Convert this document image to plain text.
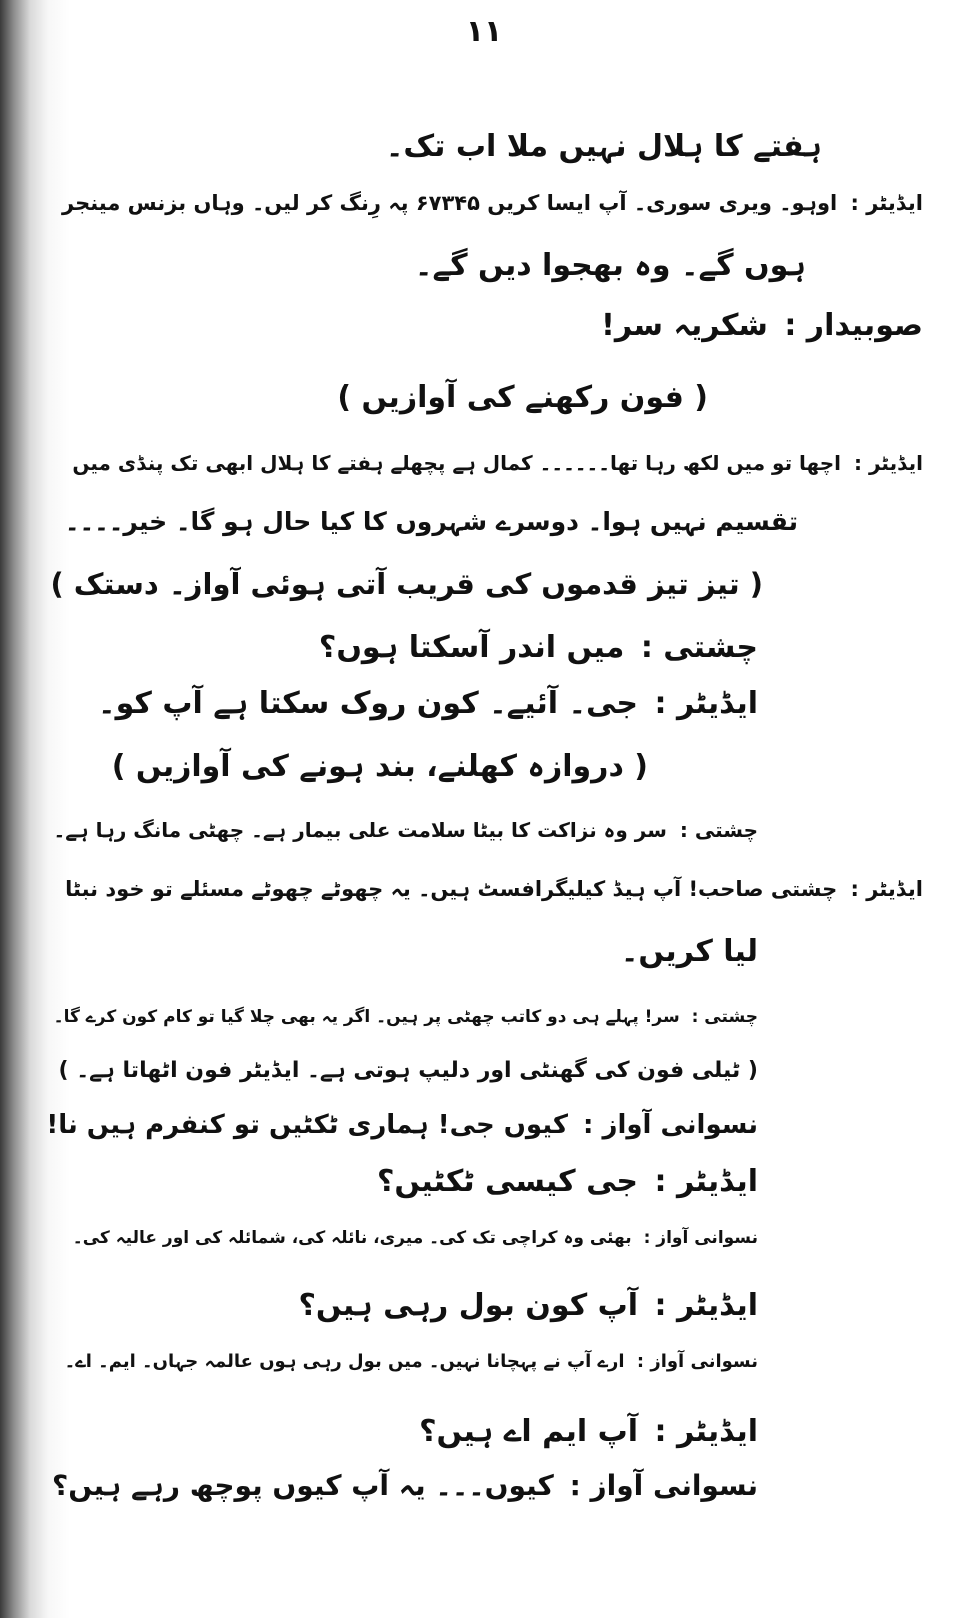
۱۱
ہفتے کا ہلال نہیں ملا اب تک۔
ایڈیٹر : اوہو۔ ویری سوری۔ آپ ایسا کریں ۶۷۳۴۵ پہ رِنگ کر لیں۔ وہاں بزنس مینجر
ہوں گے۔ وہ بھجوا دیں گے۔
صوبیدار : شکریہ سر!
( فون رکھنے کی آوازیں )
ایڈیٹر : اچھا تو میں لکھ رہا تھا۔۔۔۔۔۔ کمال ہے پچھلے ہفتے کا ہلال ابھی تک پنڈی میں
تقسیم نہیں ہوا۔ دوسرے شہروں کا کیا حال ہو گا۔ خیر۔۔۔۔
( تیز تیز قدموں کی قریب آتی ہوئی آواز۔ دستک )
چشتی : میں اندر آسکتا ہوں؟
ایڈیٹر : جی۔ آئیے۔ کون روک سکتا ہے آپ کو۔
( دروازہ کھلنے، بند ہونے کی آوازیں )
چشتی : سر وہ نزاکت کا بیٹا سلامت علی بیمار ہے۔ چھٹی مانگ رہا ہے۔
ایڈیٹر : چشتی صاحب! آپ ہیڈ کیلیگرافسٹ ہیں۔ یہ چھوٹے چھوٹے مسئلے تو خود نبٹا
لیا کریں۔
چشتی : سر! پہلے ہی دو کاتب چھٹی پر ہیں۔ اگر یہ بھی چلا گیا تو کام کون کرے گا۔
( ٹیلی فون کی گھنٹی اور دلیپ ہوتی ہے۔ ایڈیٹر فون اٹھاتا ہے۔ )
نسوانی آواز : کیوں جی! ہماری ٹکٹیں تو کنفرم ہیں نا!
ایڈیٹر : جی کیسی ٹکٹیں؟
نسوانی آواز : بھئی وہ کراچی تک کی۔ میری، نائلہ کی، شمائلہ کی اور عالیہ کی۔
ایڈیٹر : آپ کون بول رہی ہیں؟
نسوانی آواز : ارے آپ نے پہچانا نہیں۔ میں بول رہی ہوں عالمہ جہاں۔ ایم۔ اے۔
ایڈیٹر : آپ ایم اے ہیں؟
نسوانی آواز : کیوں۔۔۔ یہ آپ کیوں پوچھ رہے ہیں؟
